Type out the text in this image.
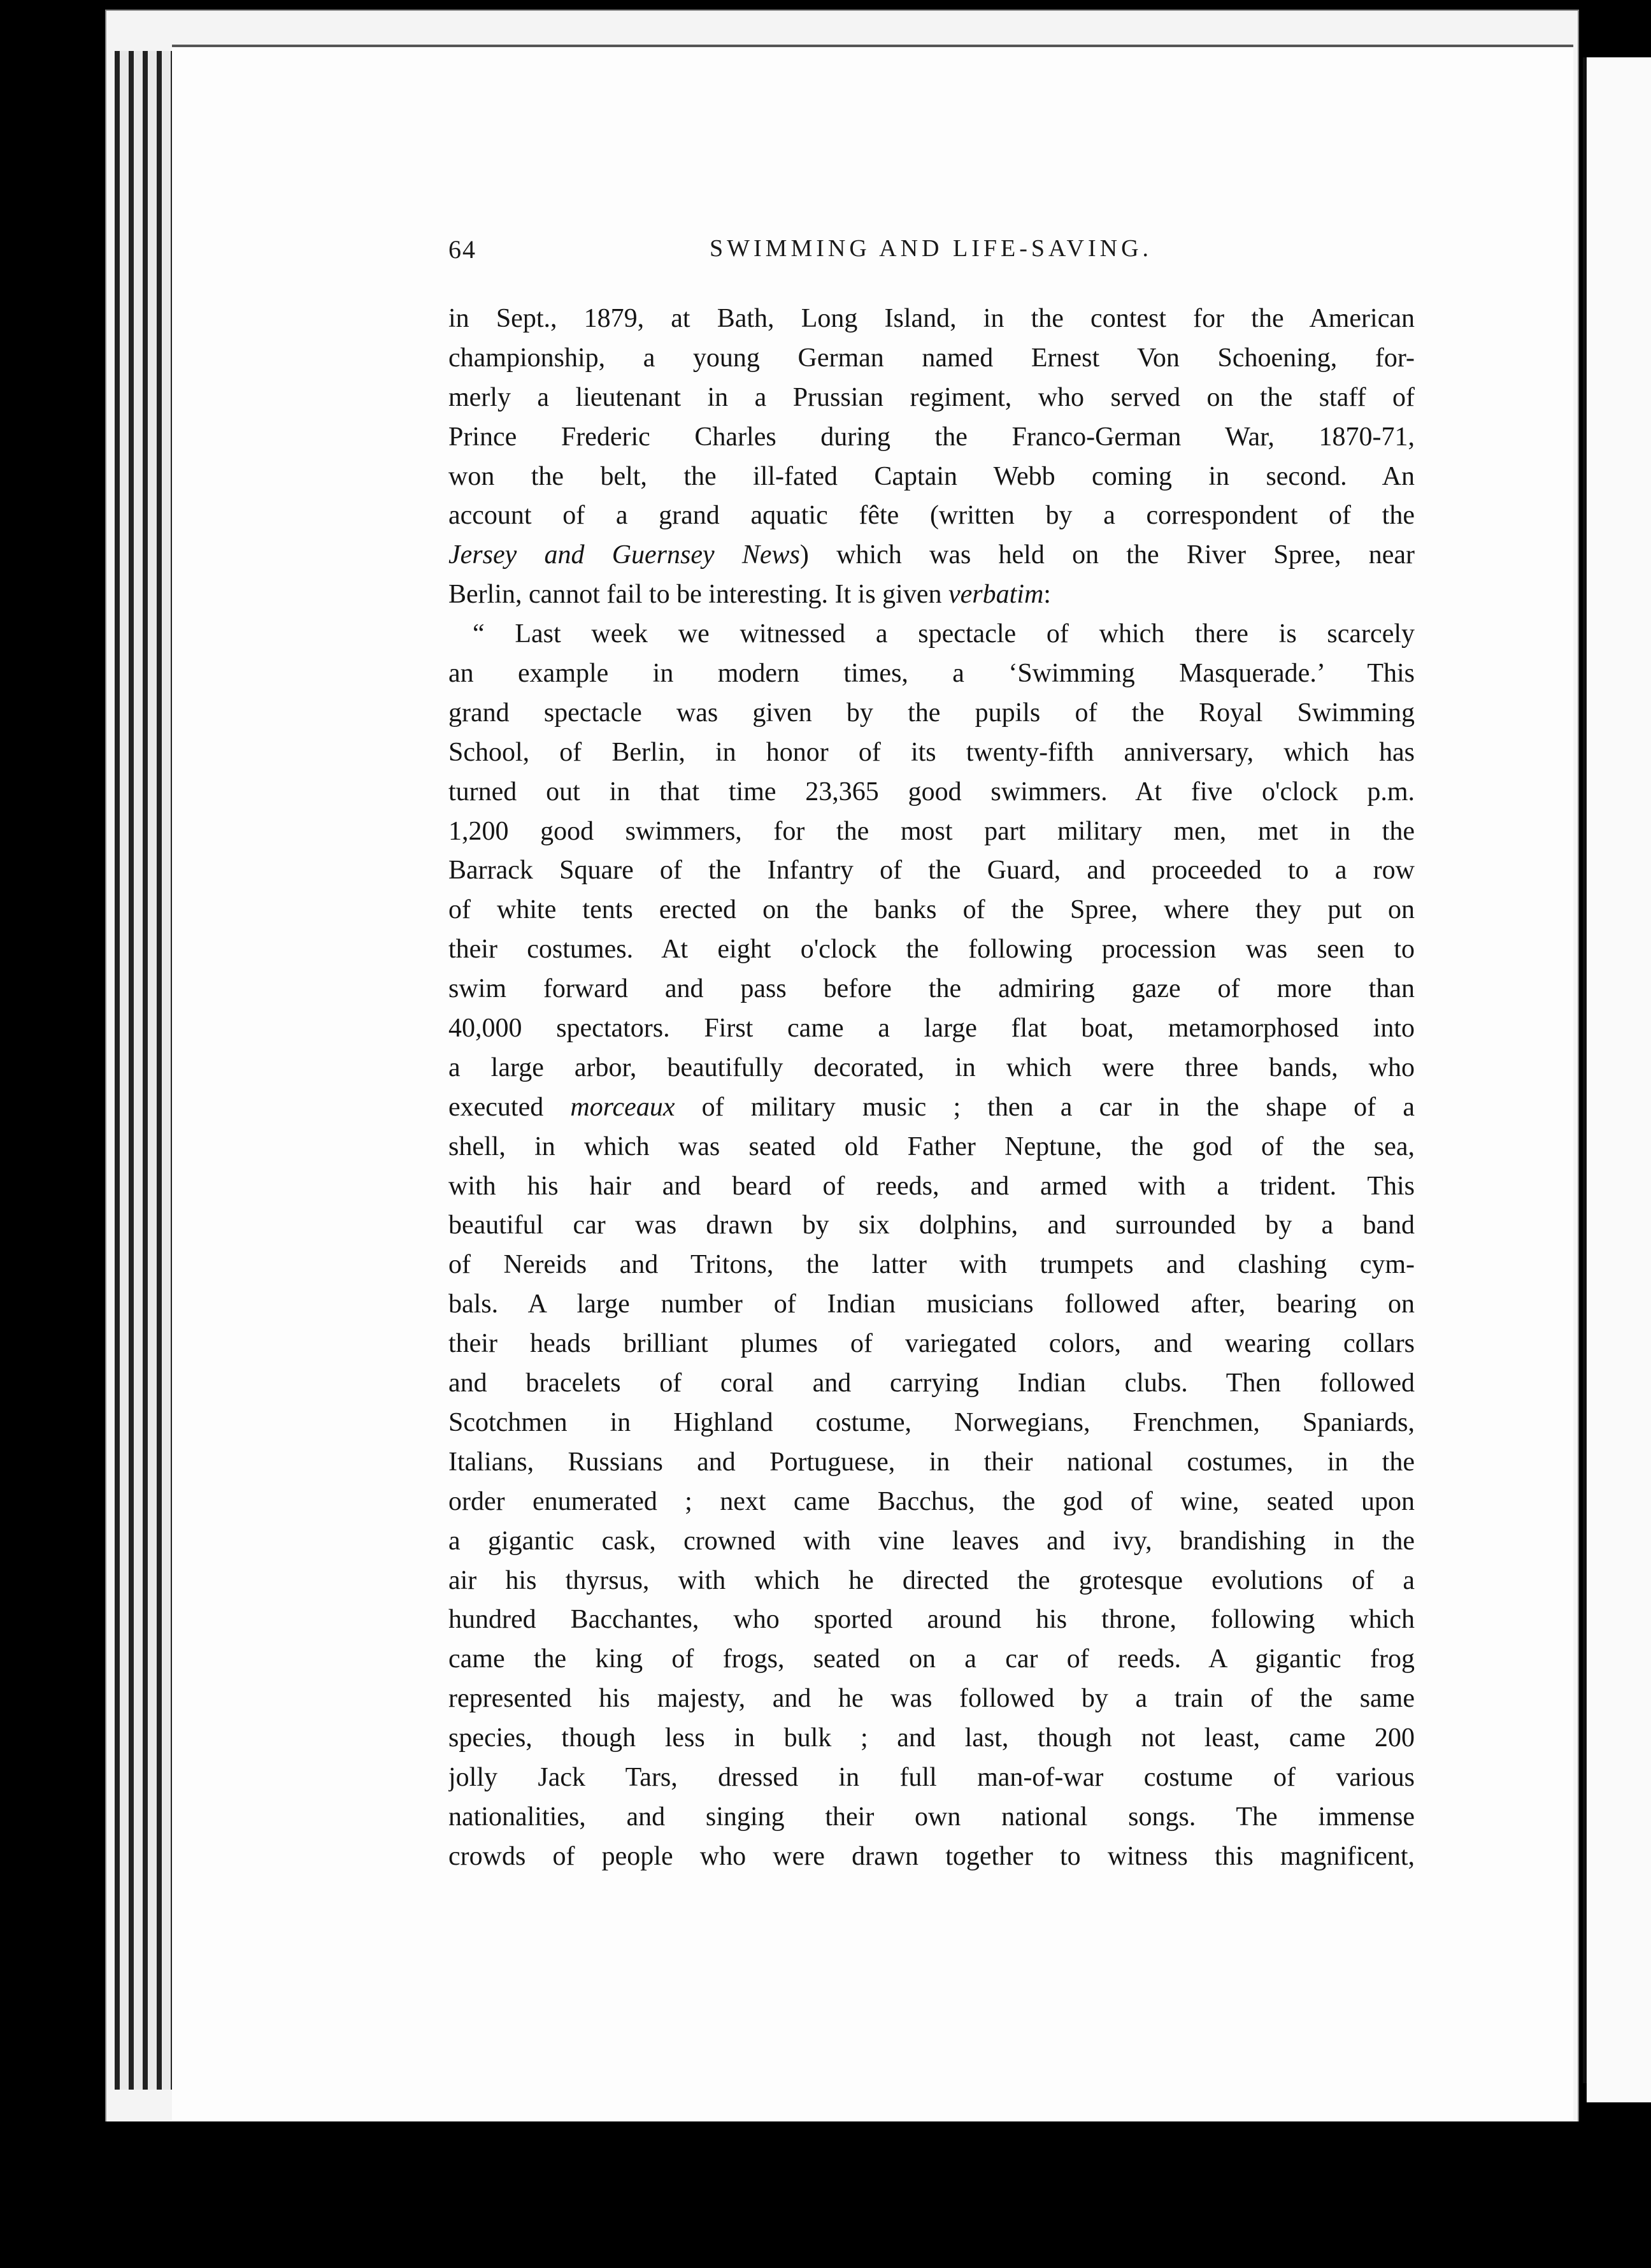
64	SWIMMING AND LIFE-SAVING.
in Sept., 1879, at Bath, Long Island, in the contest for the American
championship, a young German named Ernest Von Schoening, for-
merly a lieutenant in a Prussian regiment, who served on the staff of
Prince Frederic Charles during the Franco-German War, 1870-71,
won the belt, the ill-fated Captain Webb coming in second. An
account of a grand aquatic fête (written by a correspondent of the
Jersey and Guernsey News) which was held on the River Spree, near
Berlin, cannot fail to be interesting. It is given verbatim:
“ Last week we witnessed a spectacle of which there is scarcely
an example in modern times, a ‘Swimming Masquerade.’ This
grand spectacle was given by the pupils of the Royal Swimming
School, of Berlin, in honor of its twenty-fifth anniversary, which has
turned out in that time 23,365 good swimmers. At five o'clock p.m.
1,200 good swimmers, for the most part military men, met in the
Barrack Square of the Infantry of the Guard, and proceeded to a row
of white tents erected on the banks of the Spree, where they put on
their costumes. At eight o'clock the following procession was seen to
swim forward and pass before the admiring gaze of more than
40,000 spectators. First came a large flat boat, metamorphosed into
a large arbor, beautifully decorated, in which were three bands, who
executed morceaux of military music ; then a car in the shape of a
shell, in which was seated old Father Neptune, the god of the sea,
with his hair and beard of reeds, and armed with a trident. This
beautiful car was drawn by six dolphins, and surrounded by a band
of Nereids and Tritons, the latter with trumpets and clashing cym-
bals. A large number of Indian musicians followed after, bearing on
their heads brilliant plumes of variegated colors, and wearing collars
and bracelets of coral and carrying Indian clubs. Then followed
Scotchmen in Highland costume, Norwegians, Frenchmen, Spaniards,
Italians, Russians and Portuguese, in their national costumes, in the
order enumerated ; next came Bacchus, the god of wine, seated upon
a gigantic cask, crowned with vine leaves and ivy, brandishing in the
air his thyrsus, with which he directed the grotesque evolutions of a
hundred Bacchantes, who sported around his throne, following which
came the king of frogs, seated on a car of reeds. A gigantic frog
represented his majesty, and he was followed by a train of the same
species, though less in bulk ; and last, though not least, came 200
jolly Jack Tars, dressed in full man-of-war costume of various
nationalities, and singing their own national songs. The immense
crowds of people who were drawn together to witness this magnificent,
